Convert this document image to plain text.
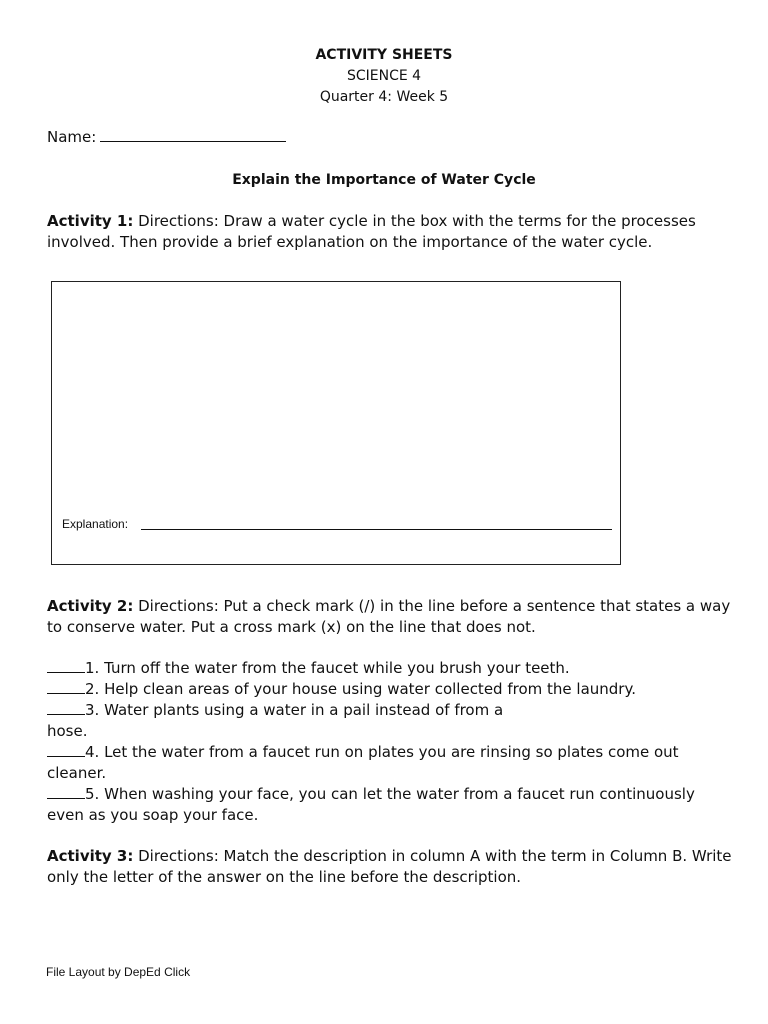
ACTIVITY SHEETS
SCIENCE 4
Quarter 4: Week 5
Name:
Explain the Importance of Water Cycle
Activity 1: Directions: Draw a water cycle in the box with the terms for the processes
involved. Then provide a brief explanation on the importance of the water cycle.
Explanation:
Activity 2: Directions: Put a check mark (/) in the line before a sentence that states a way
to conserve water. Put a cross mark (x) on the line that does not.
1. Turn off the water from the faucet while you brush your teeth.
2. Help clean areas of your house using water collected from the laundry.
3. Water plants using a water in a pail instead of from a
hose.
4. Let the water from a faucet run on plates you are rinsing so plates come out
cleaner.
5. When washing your face, you can let the water from a faucet run continuously
even as you soap your face.
Activity 3: Directions: Match the description in column A with the term in Column B. Write
only the letter of the answer on the line before the description.
File Layout by DepEd Click
